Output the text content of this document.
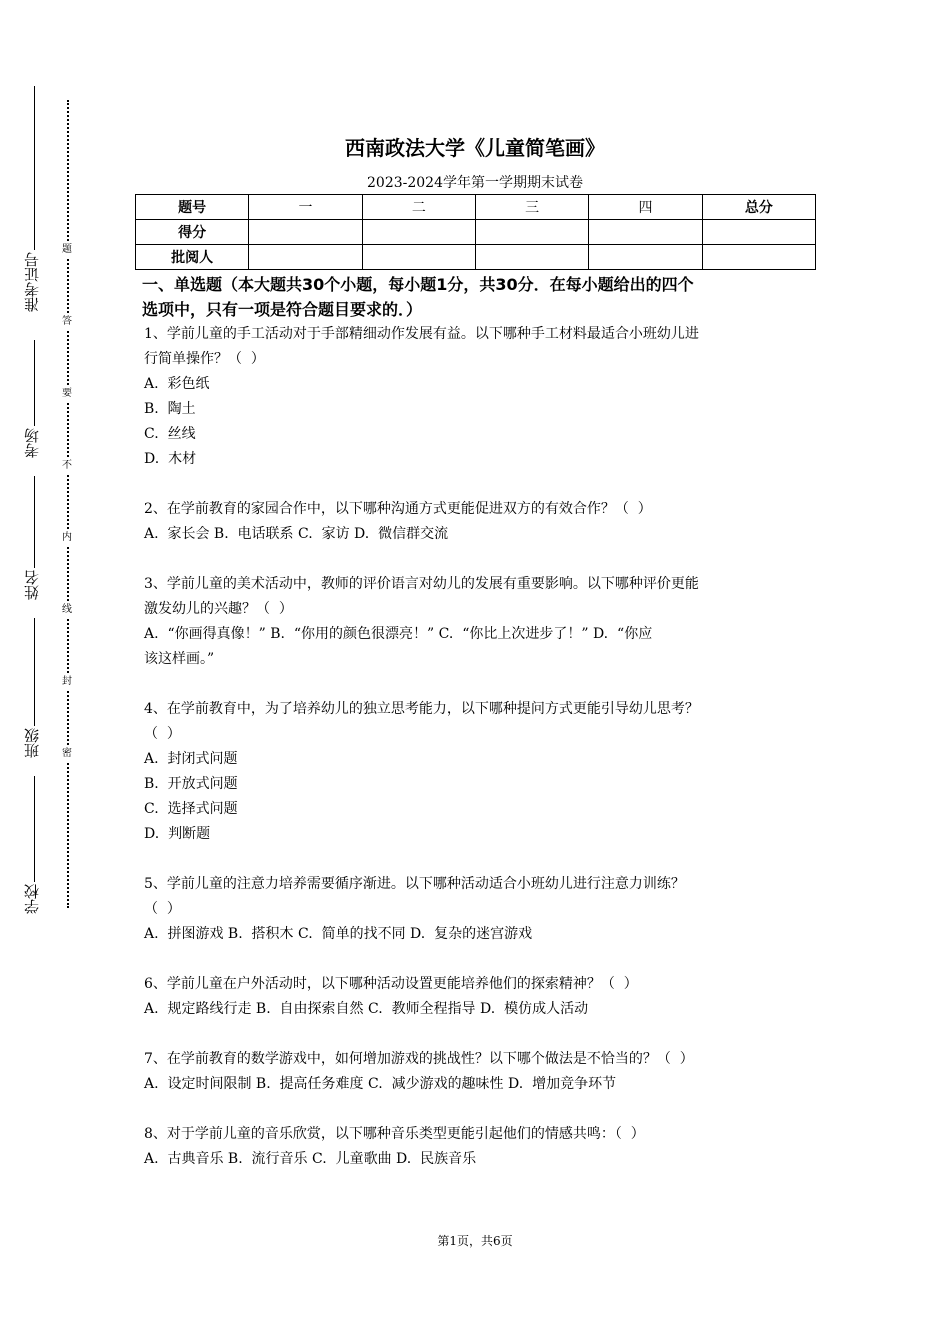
准考证号
考场
姓名
班级
学校
题
答
要
不
内
线
封
密
西南政法大学《儿童简笔画》
2023-2024学年第一学期期末试卷
题号	一	二	三	四	总分
得分					
批阅人					

一、单选题（本大题共30个小题，每小题1分，共30分．在每小题给出的四个

选项中，只有一项是符合题目要求的．）

1、学前儿童的手工活动对于手部精细动作发展有益。以下哪种手工材料最适合小班幼儿进

行简单操作？（  ）

A.  彩色纸

B.  陶土

C.  丝线

D.  木材

2、在学前教育的家园合作中，以下哪种沟通方式更能促进双方的有效合作？（  ）

A.  家长会 B.  电话联系 C.  家访 D.  微信群交流

3、学前儿童的美术活动中，教师的评价语言对幼儿的发展有重要影响。以下哪种评价更能

激发幼儿的兴趣？（  ）

A.  “你画得真像！” B.  “你用的颜色很漂亮！” C.  “你比上次进步了！” D.  “你应

该这样画。”

4、在学前教育中，为了培养幼儿的独立思考能力，以下哪种提问方式更能引导幼儿思考？

（  ）

A.  封闭式问题

B.  开放式问题

C.  选择式问题

D.  判断题

5、学前儿童的注意力培养需要循序渐进。以下哪种活动适合小班幼儿进行注意力训练？

（  ）

A.  拼图游戏 B.  搭积木 C.  简单的找不同 D.  复杂的迷宫游戏

6、学前儿童在户外活动时，以下哪种活动设置更能培养他们的探索精神？（  ）

A.  规定路线行走 B.  自由探索自然 C.  教师全程指导 D.  模仿成人活动

7、在学前教育的数学游戏中，如何增加游戏的挑战性？以下哪个做法是不恰当的？（  ）

A.  设定时间限制 B.  提高任务难度 C.  减少游戏的趣味性 D.  增加竞争环节

8、对于学前儿童的音乐欣赏，以下哪种音乐类型更能引起他们的情感共鸣：（  ）

A.  古典音乐 B.  流行音乐 C.  儿童歌曲 D.  民族音乐

第1页，共6页
